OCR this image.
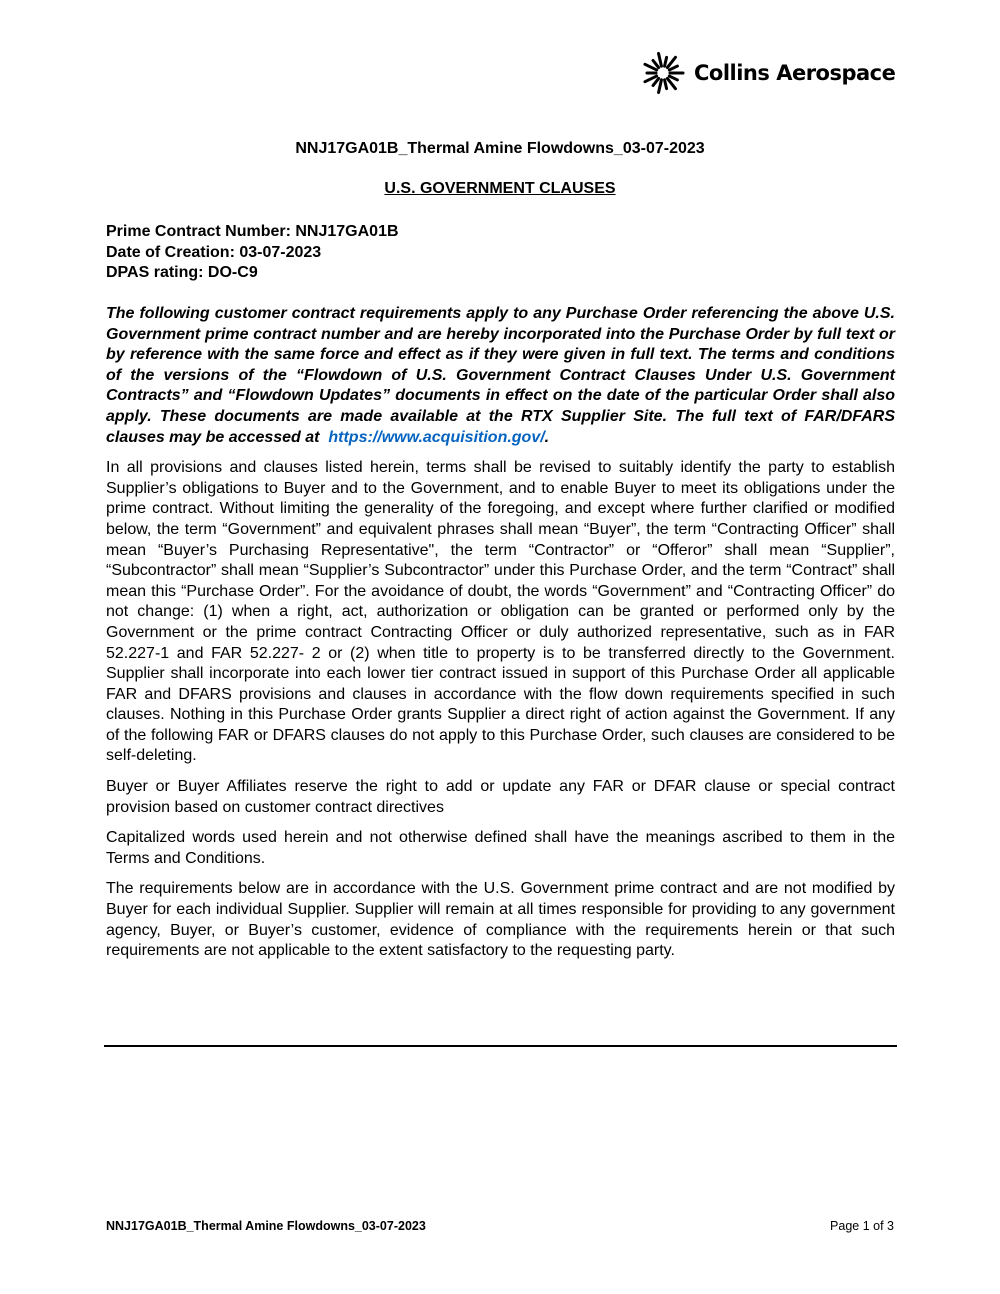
Collins Aerospace
NNJ17GA01B_Thermal Amine Flowdowns_03-07-2023
U.S. GOVERNMENT CLAUSES
Prime Contract Number: NNJ17GA01B
Date of Creation: 03-07-2023
DPAS rating: DO-C9

The following customer contract requirements apply to any Purchase Order referencing the above U.S. Government prime contract number and are hereby incorporated into the Purchase Order by full text or by reference with the same force and effect as if they were given in full text. The terms and conditions of the versions of the “Flowdown of U.S. Government Contract Clauses Under U.S. Government Contracts” and “Flowdown Updates” documents in effect on the date of the particular Order shall also apply. These documents are made available at the RTX Supplier Site. The full text of FAR/DFARS clauses may be accessed at https://www.acquisition.gov/.

In all provisions and clauses listed herein, terms shall be revised to suitably identify the party to establish Supplier’s obligations to Buyer and to the Government, and to enable Buyer to meet its obligations under the prime contract. Without limiting the generality of the foregoing, and except where further clarified or modified below, the term “Government” and equivalent phrases shall mean “Buyer”, the term “Contracting Officer” shall mean “Buyer’s Purchasing Representative", the term “Contractor” or “Offeror” shall mean “Supplier”, “Subcontractor” shall mean “Supplier’s Subcontractor” under this Purchase Order, and the term “Contract” shall mean this “Purchase Order”. For the avoidance of doubt, the words “Government” and “Contracting Officer” do not change: (1) when a right, act, authorization or obligation can be granted or performed only by the Government or the prime contract Contracting Officer or duly authorized representative, such as in FAR 52.227-1 and FAR 52.227- 2 or (2) when title to property is to be transferred directly to the Government. Supplier shall incorporate into each lower tier contract issued in support of this Purchase Order all applicable FAR and DFARS provisions and clauses in accordance with the flow down requirements specified in such clauses. Nothing in this Purchase Order grants Supplier a direct right of action against the Government. If any of the following FAR or DFARS clauses do not apply to this Purchase Order, such clauses are considered to be self-deleting.

Buyer or Buyer Affiliates reserve the right to add or update any FAR or DFAR clause or special contract provision based on customer contract directives

Capitalized words used herein and not otherwise defined shall have the meanings ascribed to them in the Terms and Conditions.

The requirements below are in accordance with the U.S. Government prime contract and are not modified by Buyer for each individual Supplier. Supplier will remain at all times responsible for providing to any government agency, Buyer, or Buyer’s customer, evidence of compliance with the requirements herein or that such requirements are not applicable to the extent satisfactory to the requesting party.

NNJ17GA01B_Thermal Amine Flowdowns_03-07-2023	Page 1 of 3
